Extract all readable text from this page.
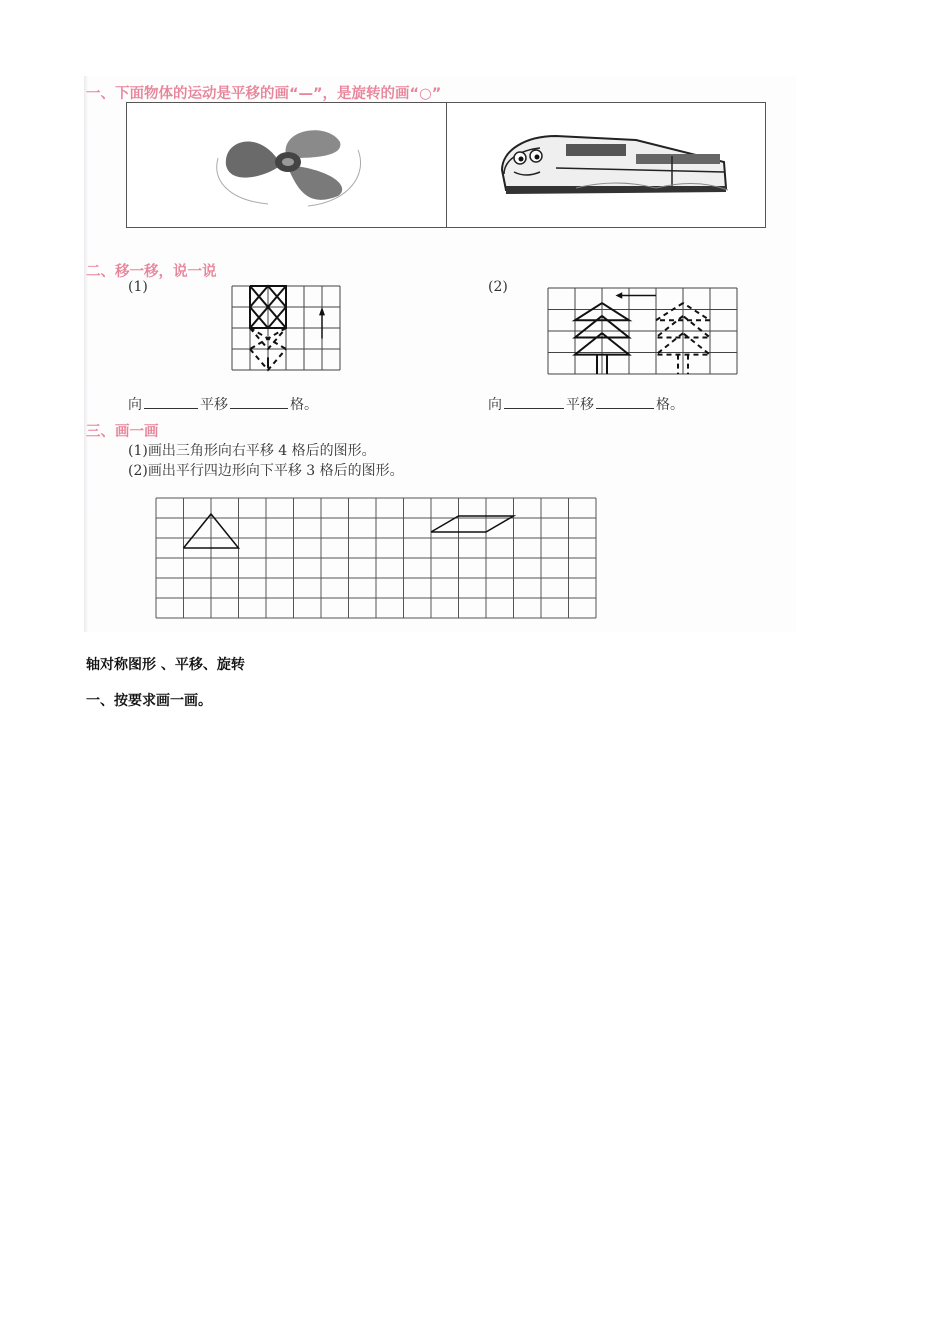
一、下面物体的运动是平移的画“—”，是旋转的画“○”
二、移一移，说一说
(1)	(2)
向	平移	格。	向	平移	格。
三、画一画
(1)画出三角形向右平移 4 格后的图形。
(2)画出平行四边形向下平移 3 格后的图形。
轴对称图形 、平移、旋转
一、按要求画一画。
